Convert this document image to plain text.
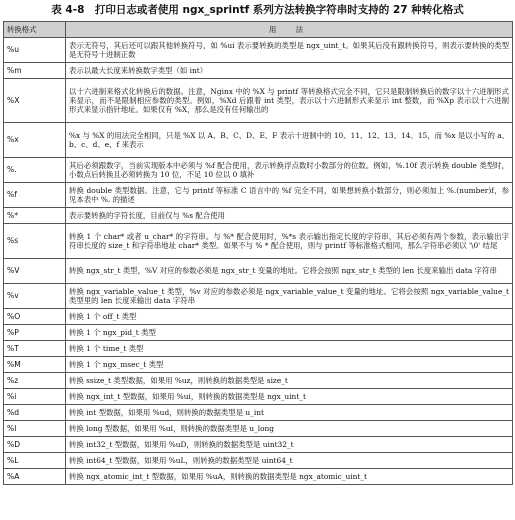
表 4-8　打印日志或者使用 ngx_sprintf 系列方法转换字符串时支持的 27 种转化格式
转换格式	用　法
%u	表示无符号，其后还可以跟其他转换符号，如 %ui 表示要转换的类型是 ngx_uint_t。如果其后没有跟转换符号，则表示要转换的类型是无符号十进制正数
%m	表示以最大长度来转换数字类型（如 int）
%X	以十六进制来格式化转换后的数据。注意，Nginx 中的 %X 与 printf 等转换格式完全不同，它只是限制转换后的数字以十六进制形式来显示，而不是限制相应参数的类型。例如，%Xd 后跟着 int 类型，表示以十六进制形式来显示 int 整数，而 %Xp 表示以十六进制形式来显示指针地址。如果仅有 %X，那么是没有任何输出的
%x	%x 与 %X 的用法完全相同，只是 %X 以 A、B、C、D、E、F 表示十进制中的 10、11、12、13、14、15，而 %x 是以小写的 a、b、c、d、e、f 来表示
%.	其后必须跟数字，当前实现版本中必须与 %f 配合使用，表示转换浮点数时小数部分的位数。例如，%.10f 表示转换 double 类型时，小数点后转换且必须转换为 10 位，不足 10 位以 0 填补
%f	转换 double 类型数据。注意，它与 printf 等标准 C 语言中的 %f 完全不同，如果想转换小数部分，则必须加上 %.(number)f，参见本表中 %. 的描述
%*	表示要转换的字符长度，目前仅与 %s 配合使用
%s	转换 1 个 char* 或者 u_char* 的字符串。与 %* 配合使用时，%*s 表示输出指定长度的字符串，其后必须有两个参数，表示输出字符串长度的 size_t 和字符串地址 char* 类型。如果不与 % * 配合使用，则与 printf 等标准格式相同，那么字符串必须以 '\0' 结尾
%V	转换 ngx_str_t 类型，%V 对应的参数必须是 ngx_str_t 变量的地址。它将会按照 ngx_str_t 类型的 len 长度来输出 data 字符串
%v	转换 ngx_variable_value_t 类型，%v 对应的参数必须是 ngx_variable_value_t 变量的地址。它将会按照 ngx_variable_value_t 类型里的 len 长度来输出 data 字符串
%O	转换 1 个 off_t 类型
%P	转换 1 个 ngx_pid_t 类型
%T	转换 1 个 time_t 类型
%M	转换 1 个 ngx_msec_t 类型
%z	转换 ssize_t 类型数据，如果用 %uz，则转换的数据类型是 size_t
%i	转换 ngx_int_t 型数据，如果用 %ui，则转换的数据类型是 ngx_uint_t
%d	转换 int 型数据，如果用 %ud，则转换的数据类型是 u_int
%l	转换 long 型数据，如果用 %ul，则转换的数据类型是 u_long
%D	转换 int32_t 型数据，如果用 %uD，则转换的数据类型是 uint32_t
%L	转换 int64_t 型数据，如果用 %uL，则转换的数据类型是 uint64_t
%A	转换 ngx_atomic_int_t 型数据，如果用 %uA，则转换的数据类型是 ngx_atomic_uint_t
